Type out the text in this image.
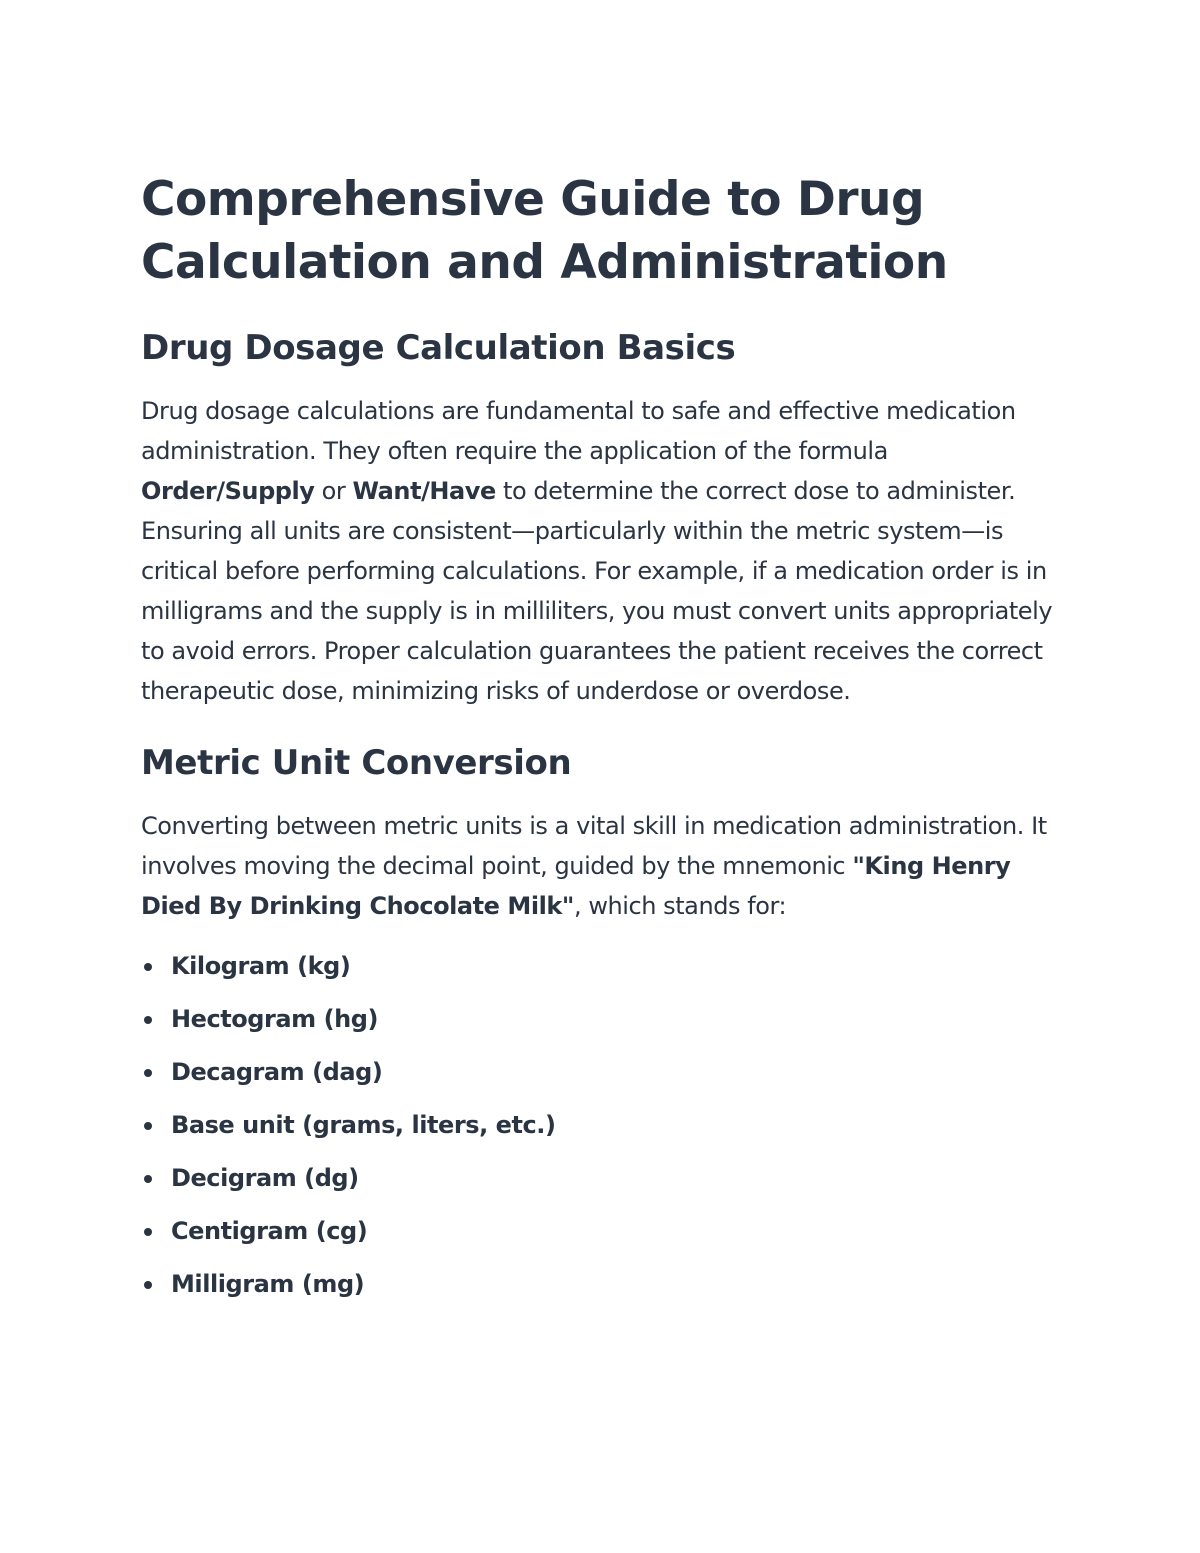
Comprehensive Guide to Drug Calculation and Administration
Drug Dosage Calculation Basics

Drug dosage calculations are fundamental to safe and effective medication administration. They often require the application of the formula Order/Supply or Want/Have to determine the correct dose to administer. Ensuring all units are consistent—particularly within the metric system—is critical before performing calculations. For example, if a medication order is in milligrams and the supply is in milliliters, you must convert units appropriately to avoid errors. Proper calculation guarantees the patient receives the correct therapeutic dose, minimizing risks of underdose or overdose.

Metric Unit Conversion

Converting between metric units is a vital skill in medication administration. It involves moving the decimal point, guided by the mnemonic "King Henry Died By Drinking Chocolate Milk", which stands for:

Kilogram (kg)
Hectogram (hg)
Decagram (dag)
Base unit (grams, liters, etc.)
Decigram (dg)
Centigram (cg)
Milligram (mg)
